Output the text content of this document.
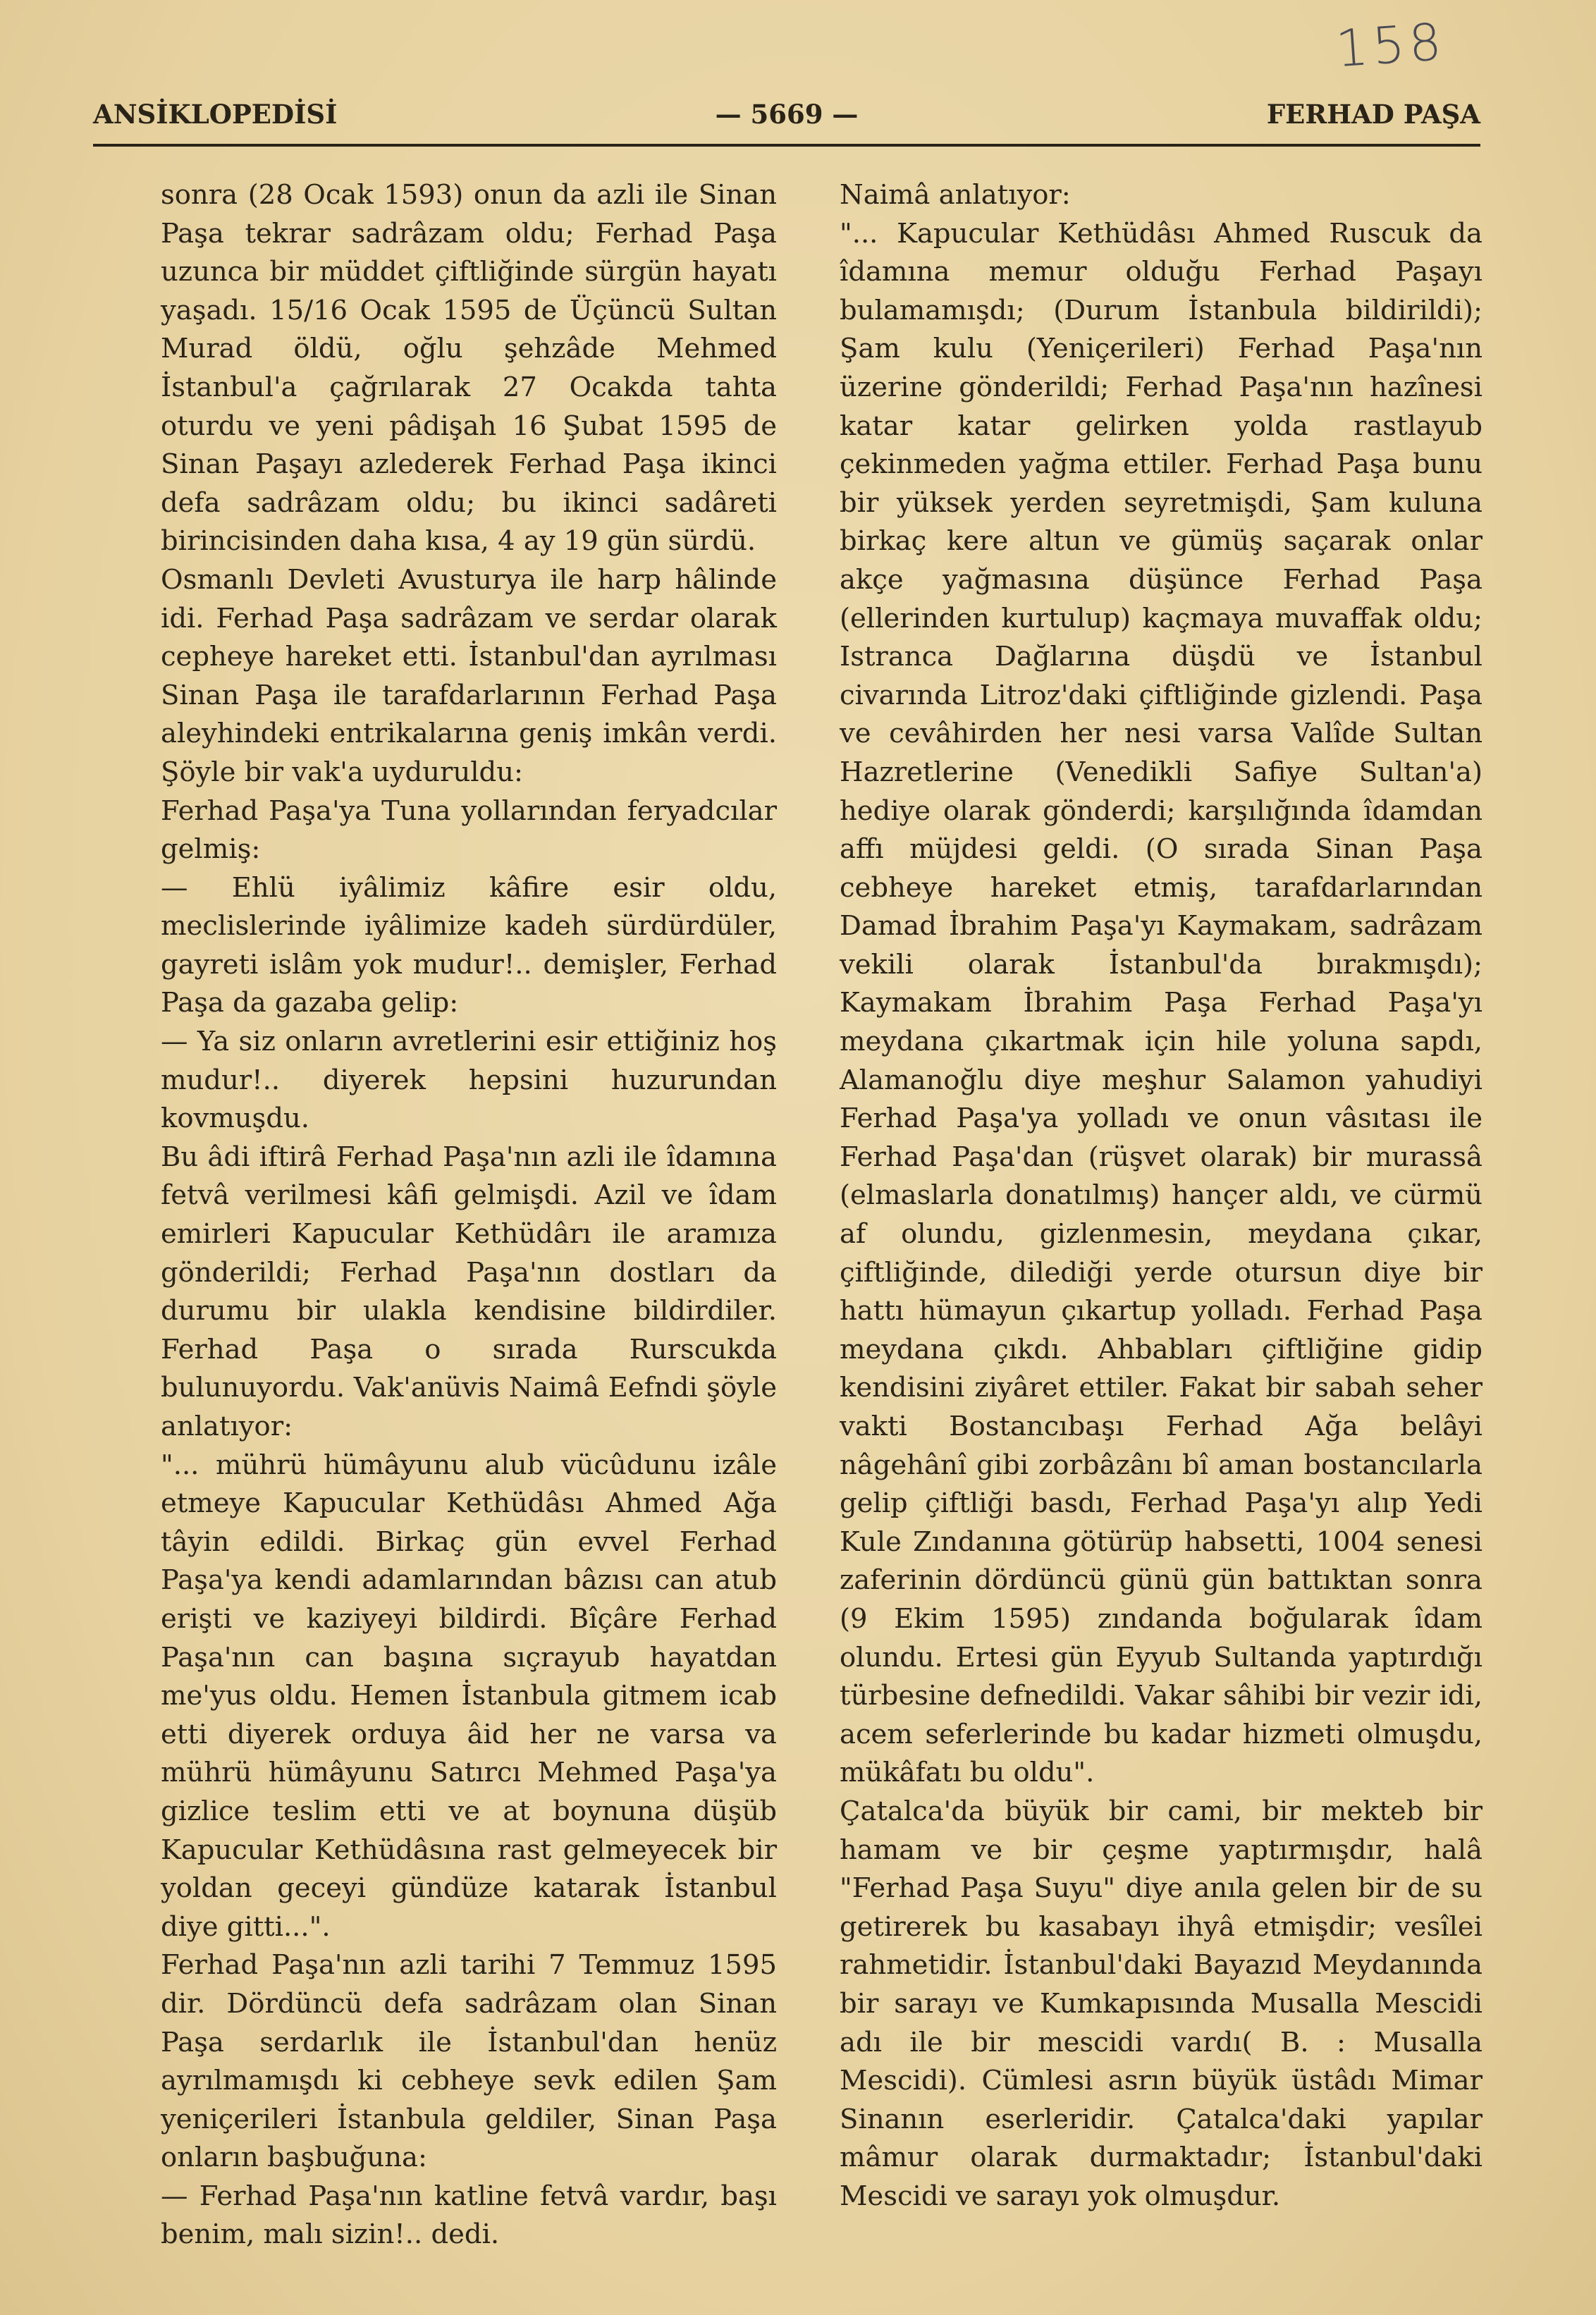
158
ANSİKLOPEDİSİ	— 5669 —	FERHAD PAŞA

sonra (28 Ocak 1593) onun da azli ile Sinan Paşa tekrar sadrâzam oldu; Ferhad Paşa uzunca bir müddet çiftliğinde sürgün hayatı yaşadı. 15/16 Ocak 1595 de Üçüncü Sultan Murad öldü, oğlu şehzâde Mehmed İstanbul'a çağrılarak 27 Ocakda tahta oturdu ve yeni pâdişah 16 Şubat 1595 de Sinan Paşayı azlederek Ferhad Paşa ikinci defa sadrâzam oldu; bu ikinci sadâreti birincisinden daha kısa, 4 ay 19 gün sürdü.

Osmanlı Devleti Avusturya ile harp hâlinde idi. Ferhad Paşa sadrâzam ve serdar olarak cepheye hareket etti. İstanbul'dan ayrılması Sinan Paşa ile tarafdarlarının Ferhad Paşa aleyhindeki entrikalarına geniş imkân verdi. Şöyle bir vak'a uyduruldu:

Ferhad Paşa'ya Tuna yollarından feryadcılar gelmiş:

— Ehlü iyâlimiz kâfire esir oldu, meclislerinde iyâlimize kadeh sürdürdüler, gayreti islâm yok mudur!.. demişler, Ferhad Paşa da gazaba gelip:

— Ya siz onların avretlerini esir ettiğiniz hoş mudur!.. diyerek hepsini huzurundan kovmuşdu.

Bu âdi iftirâ Ferhad Paşa'nın azli ile îdamına fetvâ verilmesi kâfi gelmişdi. Azil ve îdam emirleri Kapucular Kethüdârı ile aramıza gönderildi; Ferhad Paşa'nın dostları da durumu bir ulakla kendisine bildirdiler. Ferhad Paşa o sırada Rurscukda bulunuyordu. Vak'anüvis Naimâ Eefndi şöyle anlatıyor:

"... mührü hümâyunu alub vücûdunu izâle etmeye Kapucular Kethüdâsı Ahmed Ağa tâyin edildi. Birkaç gün evvel Ferhad Paşa'ya kendi adamlarından bâzısı can atub erişti ve kaziyeyi bildirdi. Bîçâre Ferhad Paşa'nın can başına sıçrayub hayatdan me'yus oldu. Hemen İstanbula gitmem icab etti diyerek orduya âid her ne varsa va mührü hümâyunu Satırcı Mehmed Paşa'ya gizlice teslim etti ve at boynuna düşüb Kapucular Kethüdâsına rast gelmeyecek bir yoldan geceyi gündüze katarak İstanbul diye gitti...".

Ferhad Paşa'nın azli tarihi 7 Temmuz 1595 dir. Dördüncü defa sadrâzam olan Sinan Paşa serdarlık ile İstanbul'dan henüz ayrılmamışdı ki cebheye sevk edilen Şam yeniçerileri İstanbula geldiler, Sinan Paşa onların başbuğuna:

— Ferhad Paşa'nın katline fetvâ vardır, başı benim, malı sizin!.. dedi.

Naimâ anlatıyor:

"... Kapucular Kethüdâsı Ahmed Ruscuk da îdamına memur olduğu Ferhad Paşayı bulamamışdı; (Durum İstanbula bildirildi); Şam kulu (Yeniçerileri) Ferhad Paşa'nın üzerine gönderildi; Ferhad Paşa'nın hazînesi katar katar gelirken yolda rastlayub çekinmeden yağma ettiler. Ferhad Paşa bunu bir yüksek yerden seyretmişdi, Şam kuluna birkaç kere altun ve gümüş saçarak onlar akçe yağmasına düşünce Ferhad Paşa (ellerinden kurtulup) kaçmaya muvaffak oldu; Istranca Dağlarına düşdü ve İstanbul civarında Litroz'daki çiftliğinde gizlendi. Paşa ve cevâhirden her nesi varsa Valîde Sultan Hazretlerine (Venedikli Safiye Sultan'a) hediye olarak gönderdi; karşılığında îdamdan affı müjdesi geldi. (O sırada Sinan Paşa cebheye hareket etmiş, tarafdarlarından Damad İbrahim Paşa'yı Kaymakam, sadrâzam vekili olarak İstanbul'da bırakmışdı); Kaymakam İbrahim Paşa Ferhad Paşa'yı meydana çıkartmak için hile yoluna sapdı, Alamanoğlu diye meşhur Salamon yahudiyi Ferhad Paşa'ya yolladı ve onun vâsıtası ile Ferhad Paşa'dan (rüşvet olarak) bir murassâ (elmaslarla donatılmış) hançer aldı, ve cürmü af olundu, gizlenmesin, meydana çıkar, çiftliğinde, dilediği yerde otursun diye bir hattı hümayun çıkartup yolladı. Ferhad Paşa meydana çıkdı. Ahbabları çiftliğine gidip kendisini ziyâret ettiler. Fakat bir sabah seher vakti Bostancıbaşı Ferhad Ağa belâyi nâgehânî gibi zorbâzânı bî aman bostancılarla gelip çiftliği basdı, Ferhad Paşa'yı alıp Yedi Kule Zındanına götürüp habsetti, 1004 senesi zaferinin dördüncü günü gün battıktan sonra (9 Ekim 1595) zındanda boğularak îdam olundu. Ertesi gün Eyyub Sultanda yaptırdığı türbesine defnedildi. Vakar sâhibi bir vezir idi, acem seferlerinde bu kadar hizmeti olmuşdu, mükâfatı bu oldu".

Çatalca'da büyük bir cami, bir mekteb bir hamam ve bir çeşme yaptırmışdır, halâ "Ferhad Paşa Suyu" diye anıla gelen bir de su getirerek bu kasabayı ihyâ etmişdir; vesîlei rahmetidir. İstanbul'daki Bayazıd Meydanında bir sarayı ve Kumkapısında Musalla Mescidi adı ile bir mescidi vardı( B. : Musalla Mescidi). Cümlesi asrın büyük üstâdı Mimar Sinanın eserleridir. Çatalca'daki yapılar mâmur olarak durmaktadır; İstanbul'daki Mescidi ve sarayı yok olmuşdur.
